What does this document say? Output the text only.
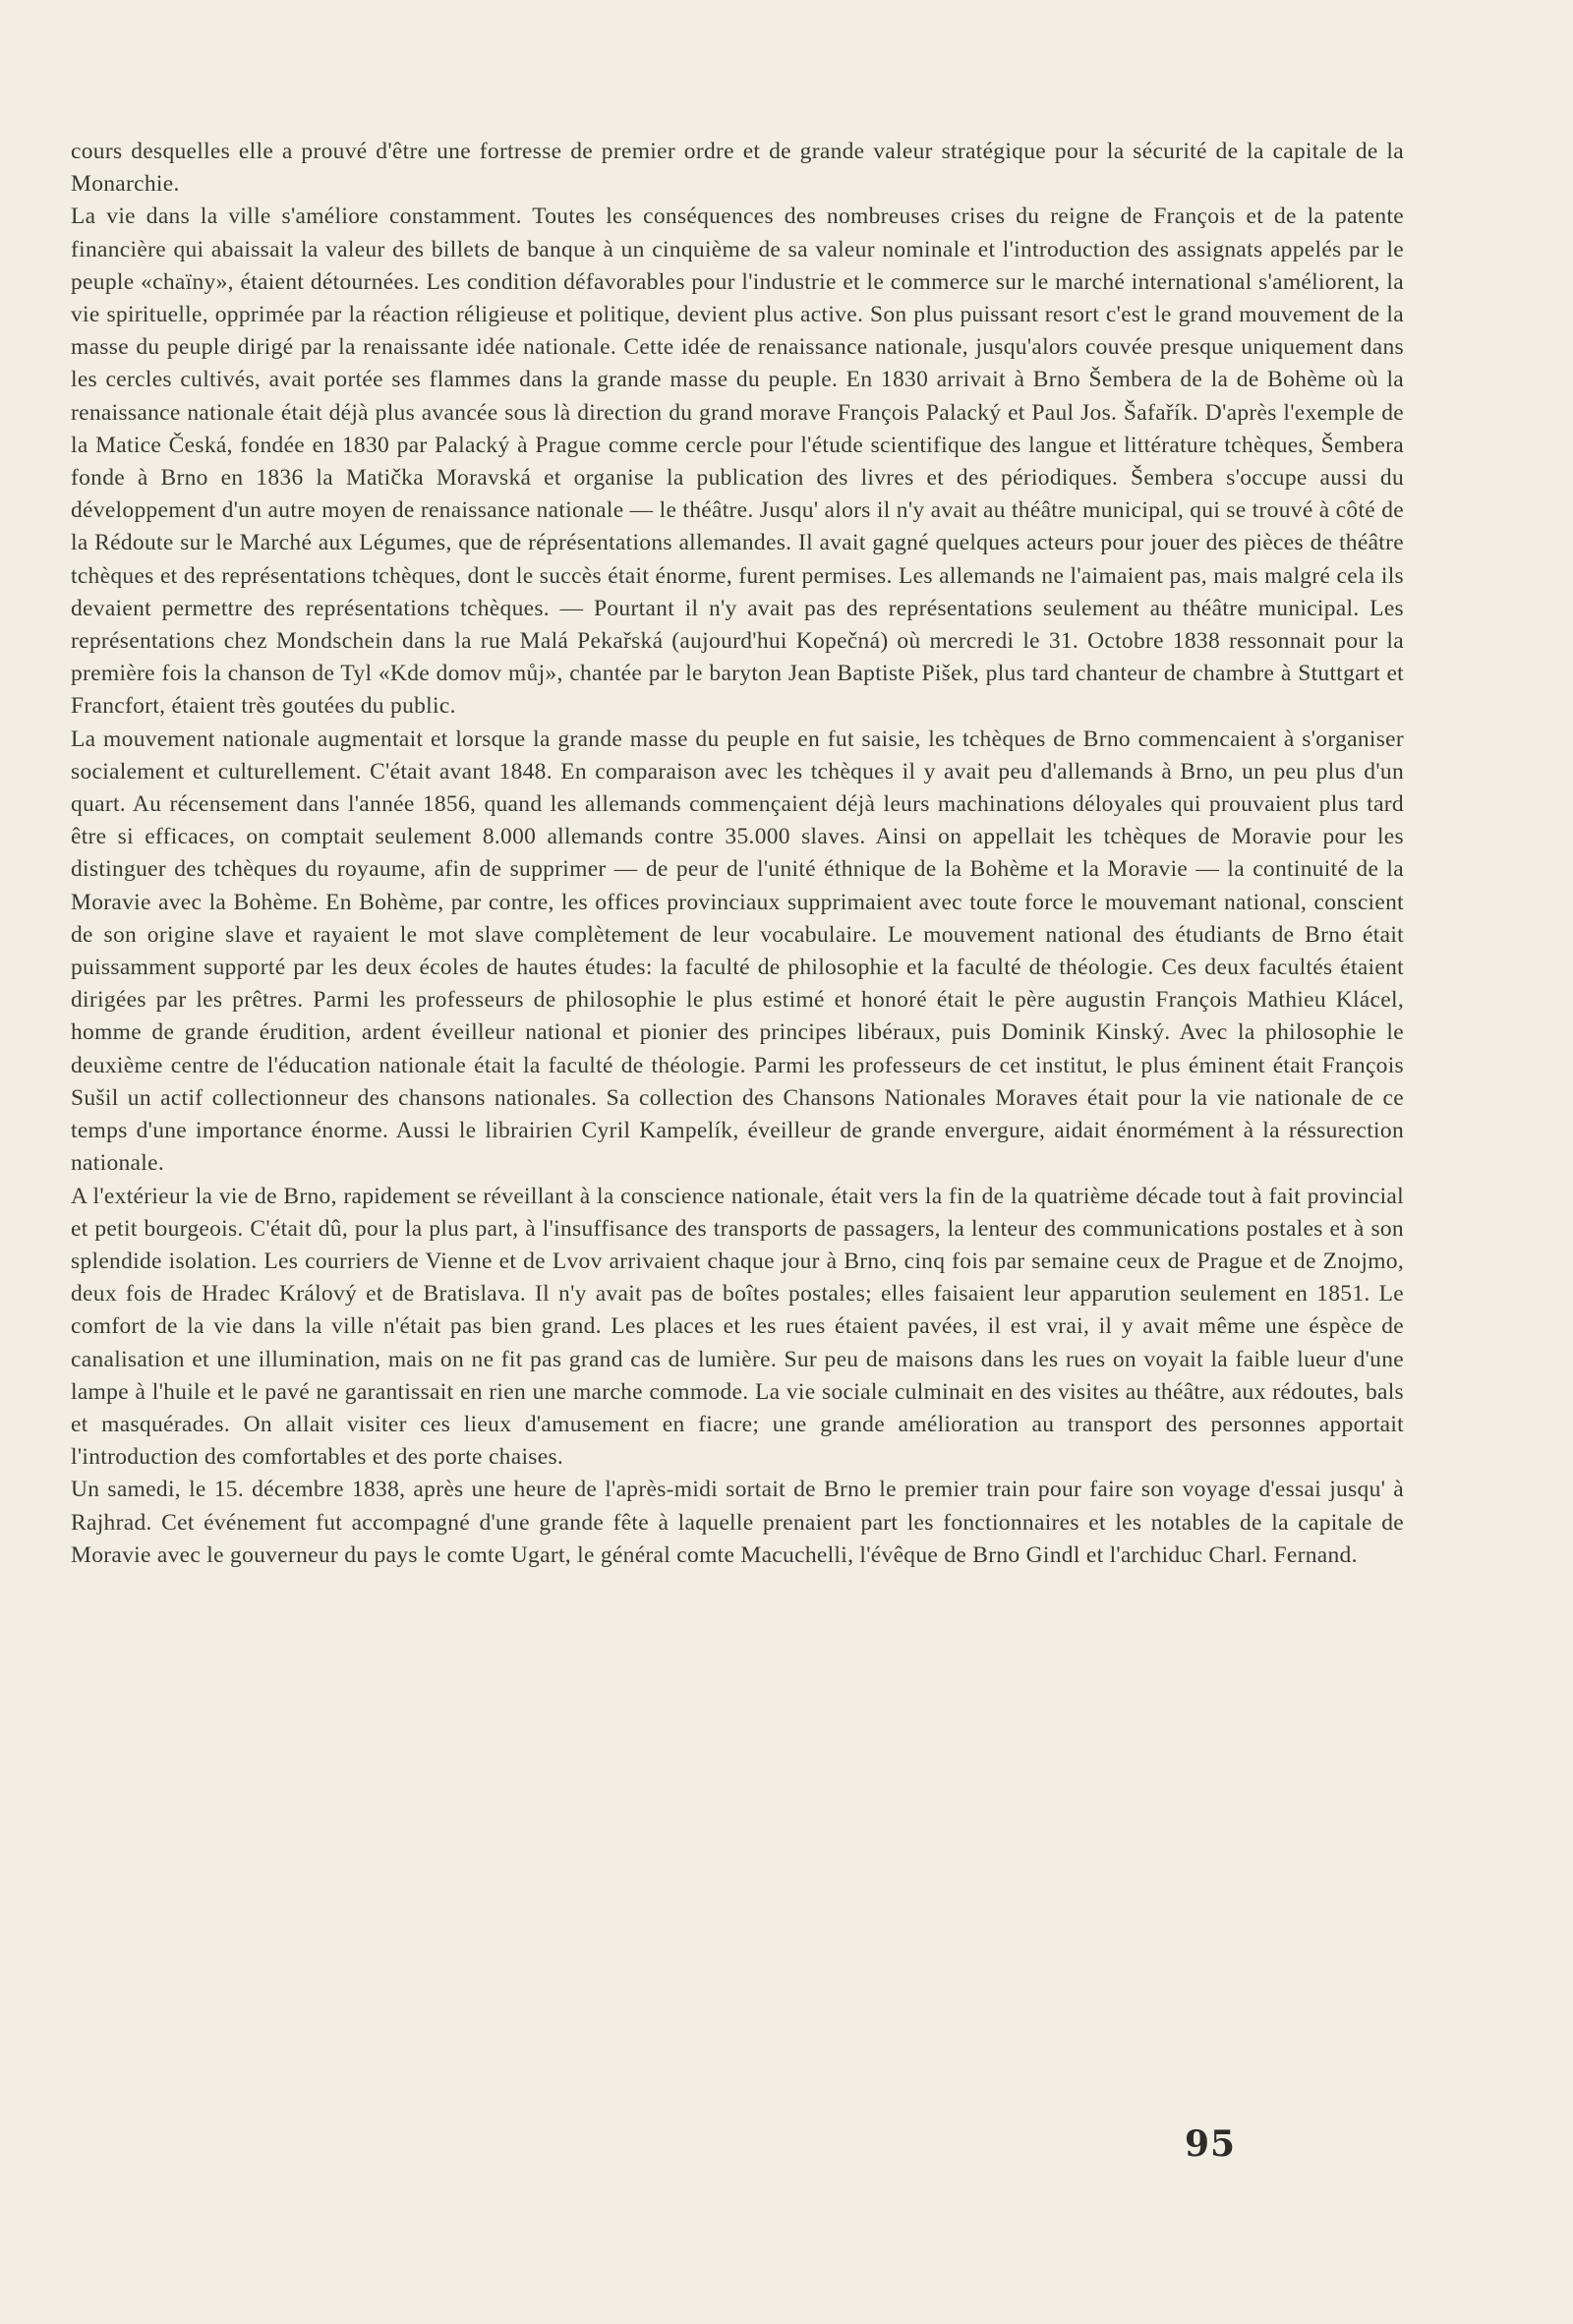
cours desquelles elle a prouvé d'être une fortresse de premier ordre et de grande valeur stratégique pour la sécurité de la capitale de la Monarchie.

La vie dans la ville s'améliore constamment. Toutes les conséquences des nombreuses crises du reigne de François et de la patente financière qui abaissait la valeur des billets de banque à un cinquième de sa valeur nominale et l'introduction des assignats appelés par le peuple «chaïny», étaient détournées. Les condition défavorables pour l'industrie et le commerce sur le marché international s'améliorent, la vie spirituelle, opprimée par la réaction réligieuse et politique, devient plus active. Son plus puissant resort c'est le grand mouvement de la masse du peuple dirigé par la renaissante idée nationale. Cette idée de renaissance nationale, jusqu'alors couvée presque uniquement dans les cercles cultivés, avait portée ses flammes dans la grande masse du peuple. En 1830 arrivait à Brno Šembera de la de Bohème où la renaissance nationale était déjà plus avancée sous là direction du grand morave François Palacký et Paul Jos. Šafařík. D'après l'exemple de la Matice Česká, fondée en 1830 par Palacký à Prague comme cercle pour l'étude scientifique des langue et littérature tchèques, Šembera fonde à Brno en 1836 la Matička Moravská et organise la publication des livres et des périodiques. Šembera s'occupe aussi du développement d'un autre moyen de renaissance nationale — le théâtre. Jusqu' alors il n'y avait au théâtre municipal, qui se trouvé à côté de la Rédoute sur le Marché aux Légumes, que de réprésentations allemandes. Il avait gagné quelques acteurs pour jouer des pièces de théâtre tchèques et des représentations tchèques, dont le succès était énorme, furent permises. Les allemands ne l'aimaient pas, mais malgré cela ils devaient permettre des représentations tchèques. — Pourtant il n'y avait pas des représentations seulement au théâtre municipal. Les représentations chez Mondschein dans la rue Malá Pekařská (aujourd'hui Kopečná) où mercredi le 31. Octobre 1838 ressonnait pour la première fois la chanson de Tyl «Kde domov můj», chantée par le baryton Jean Baptiste Pišek, plus tard chanteur de chambre à Stuttgart et Francfort, étaient très goutées du public.

La mouvement nationale augmentait et lorsque la grande masse du peuple en fut saisie, les tchèques de Brno commencaient à s'organiser socialement et culturellement. C'était avant 1848. En comparaison avec les tchèques il y avait peu d'allemands à Brno, un peu plus d'un quart. Au récensement dans l'année 1856, quand les allemands commençaient déjà leurs machinations déloyales qui prouvaient plus tard être si efficaces, on comptait seulement 8.000 allemands contre 35.000 slaves. Ainsi on appellait les tchèques de Moravie pour les distinguer des tchèques du royaume, afin de supprimer — de peur de l'unité éthnique de la Bohème et la Moravie — la continuité de la Moravie avec la Bohème. En Bohème, par contre, les offices provinciaux supprimaient avec toute force le mouvemant national, conscient de son origine slave et rayaient le mot slave complètement de leur vocabulaire. Le mouvement national des étudiants de Brno était puissamment supporté par les deux écoles de hautes études: la faculté de philosophie et la faculté de théologie. Ces deux facultés étaient dirigées par les prêtres. Parmi les professeurs de philosophie le plus estimé et honoré était le père augustin François Mathieu Klácel, homme de grande érudition, ardent éveilleur national et pionier des principes libéraux, puis Dominik Kinský. Avec la philosophie le deuxième centre de l'éducation nationale était la faculté de théologie. Parmi les professeurs de cet institut, le plus éminent était François Sušil un actif collectionneur des chansons nationales. Sa collection des Chansons Nationales Moraves était pour la vie nationale de ce temps d'une importance énorme. Aussi le librairien Cyril Kampelík, éveilleur de grande envergure, aidait énormément à la réssurection nationale.

A l'extérieur la vie de Brno, rapidement se réveillant à la conscience nationale, était vers la fin de la quatrième décade tout à fait provincial et petit bourgeois. C'était dû, pour la plus part, à l'insuffisance des transports de passagers, la lenteur des communications postales et à son splendide isolation. Les courriers de Vienne et de Lvov arrivaient chaque jour à Brno, cinq fois par semaine ceux de Prague et de Znojmo, deux fois de Hradec Králový et de Bratislava. Il n'y avait pas de boîtes postales; elles faisaient leur apparution seulement en 1851. Le comfort de la vie dans la ville n'était pas bien grand. Les places et les rues étaient pavées, il est vrai, il y avait même une éspèce de canalisation et une illumination, mais on ne fit pas grand cas de lumière. Sur peu de maisons dans les rues on voyait la faible lueur d'une lampe à l'huile et le pavé ne garantissait en rien une marche commode. La vie sociale culminait en des visites au théâtre, aux rédoutes, bals et masquérades. On allait visiter ces lieux d'amusement en fiacre; une grande amélioration au transport des personnes apportait l'introduction des comfortables et des porte chaises.

Un samedi, le 15. décembre 1838, après une heure de l'après-midi sortait de Brno le premier train pour faire son voyage d'essai jusqu' à Rajhrad. Cet événement fut accompagné d'une grande fête à laquelle prenaient part les fonctionnaires et les notables de la capitale de Moravie avec le gouverneur du pays le comte Ugart, le général comte Macuchelli, l'évêque de Brno Gindl et l'archiduc Charl. Fernand.

95
